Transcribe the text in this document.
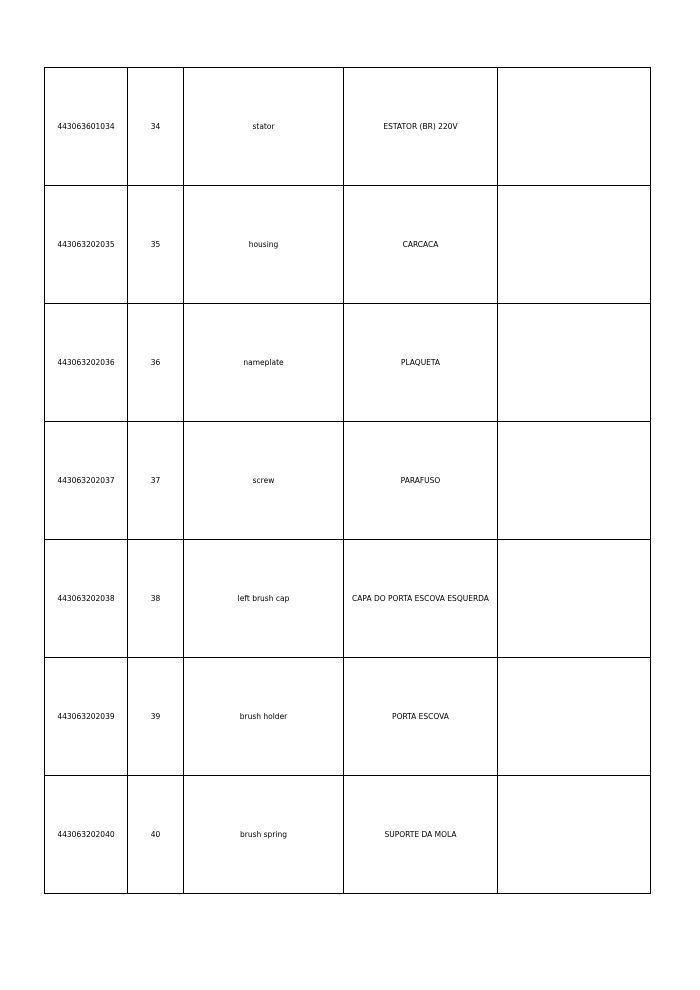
443063601034	34	stator	ESTATOR (BR) 220V	
443063202035	35	housing	CARCACA	
443063202036	36	nameplate	PLAQUETA	
443063202037	37	screw	PARAFUSO	
443063202038	38	left brush cap	CAPA DO PORTA ESCOVA ESQUERDA	
443063202039	39	brush holder	PORTA ESCOVA	
443063202040	40	brush spring	SUPORTE DA MOLA	
